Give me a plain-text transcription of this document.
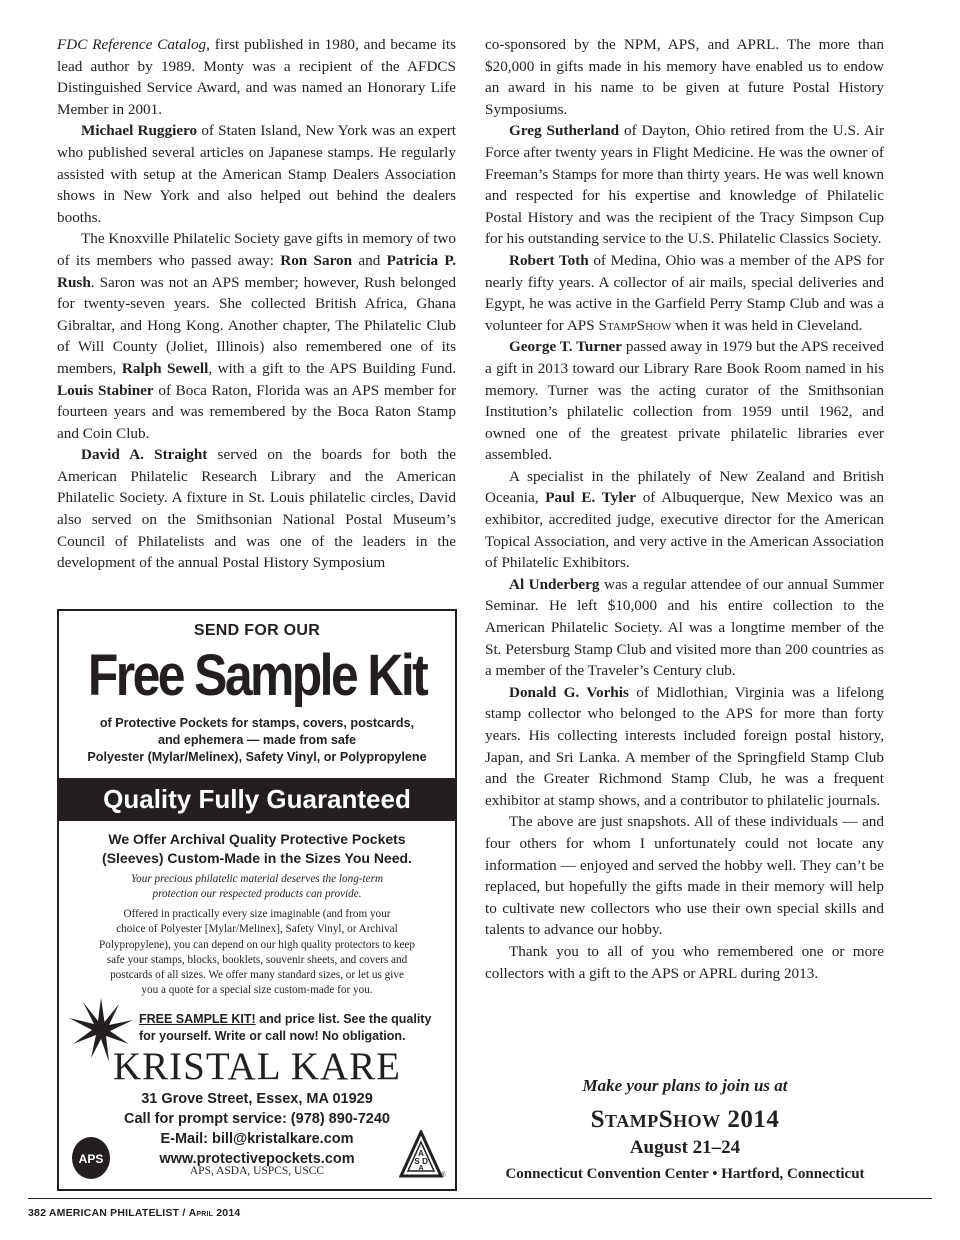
FDC Reference Catalog, first published in 1980, and became its lead author by 1989. Monty was a recipient of the AFDCS Distinguished Service Award, and was named an Honorary Life Member in 2001.

Michael Ruggiero of Staten Island, New York was an expert who published several articles on Japanese stamps. He regularly assisted with setup at the American Stamp Dealers Association shows in New York and also helped out behind the dealers booths.

The Knoxville Philatelic Society gave gifts in memory of two of its members who passed away: Ron Saron and Patricia P. Rush. Saron was not an APS member; however, Rush belonged for twenty-seven years. She collected British Africa, Ghana Gibraltar, and Hong Kong. Another chapter, The Philatelic Club of Will County (Joliet, Illinois) also remembered one of its members, Ralph Sewell, with a gift to the APS Building Fund. Louis Stabiner of Boca Raton, Florida was an APS member for fourteen years and was remembered by the Boca Raton Stamp and Coin Club.

David A. Straight served on the boards for both the American Philatelic Research Library and the American Philatelic Society. A fixture in St. Louis philatelic circles, David also served on the Smithsonian National Postal Museum’s Council of Philatelists and was one of the leaders in the development of the annual Postal History Symposium

co-sponsored by the NPM, APS, and APRL. The more than $20,000 in gifts made in his memory have enabled us to endow an award in his name to be given at future Postal History Symposiums.

Greg Sutherland of Dayton, Ohio retired from the U.S. Air Force after twenty years in Flight Medicine. He was the owner of Freeman’s Stamps for more than thirty years. He was well known and respected for his expertise and knowledge of Philatelic Postal History and was the recipient of the Tracy Simpson Cup for his outstanding service to the U.S. Philatelic Classics Society.

Robert Toth of Medina, Ohio was a member of the APS for nearly fifty years. A collector of air mails, special deliveries and Egypt, he was active in the Garfield Perry Stamp Club and was a volunteer for APS StampShow when it was held in Cleveland.

George T. Turner passed away in 1979 but the APS received a gift in 2013 toward our Library Rare Book Room named in his memory. Turner was the acting curator of the Smithsonian Institution’s philatelic collection from 1959 until 1962, and owned one of the greatest private philatelic libraries ever assembled.

A specialist in the philately of New Zealand and British Oceania, Paul E. Tyler of Albuquerque, New Mexico was an exhibitor, accredited judge, executive director for the American Topical Association, and very active in the American Association of Philatelic Exhibitors.

Al Underberg was a regular attendee of our annual Summer Seminar. He left $10,000 and his entire collection to the American Philatelic Society. Al was a longtime member of the St. Petersburg Stamp Club and visited more than 200 countries as a member of the Traveler’s Century club.

Donald G. Vorhis of Midlothian, Virginia was a lifelong stamp collector who belonged to the APS for more than forty years. His collecting interests included foreign postal history, Japan, and Sri Lanka. A member of the Springfield Stamp Club and the Greater Richmond Stamp Club, he was a frequent exhibitor at stamp shows, and a contributor to philatelic journals.

The above are just snapshots. All of these individuals — and four others for whom I unfortunately could not locate any information — enjoyed and served the hobby well. They can’t be replaced, but hopefully the gifts made in their memory will help to cultivate new collectors who use their own special skills and talents to advance our hobby.

Thank you to all of you who remembered one or more collectors with a gift to the APS or APRL during 2013.

SEND FOR OUR
Free Sample Kit
of Protective Pockets for stamps, covers, postcards,
and ephemera — made from safe
Polyester (Mylar/Melinex), Safety Vinyl, or Polypropylene
Quality Fully Guaranteed
We Offer Archival Quality Protective Pockets
(Sleeves) Custom-Made in the Sizes You Need.
Your precious philatelic material deserves the long-term
protection our respected products can provide.
Offered in practically every size imaginable (and from your
choice of Polyester [Mylar/Melinex], Safety Vinyl, or Archival
Polypropylene), you can depend on our high quality protectors to keep
safe your stamps, blocks, booklets, souvenir sheets, and covers and
postcards of all sizes. We offer many standard sizes, or let us give
you a quote for a special size custom-made for you.
FREE SAMPLE KIT! and price list. See the quality
for yourself. Write or call now! No obligation.
KRISTAL KARE
31 Grove Street, Essex, MA 01929
Call for prompt service: (978) 890-7240
E-Mail: bill@kristalkare.com
www.protectivepockets.com
APS, ASDA, USPCS, USCC
APS	A
S D
A
®
Make your plans to join us at
StampShow 2014
August 21–24
Connecticut Convention Center • Hartford, Connecticut
382 AMERICAN PHILATELIST / April 2014
